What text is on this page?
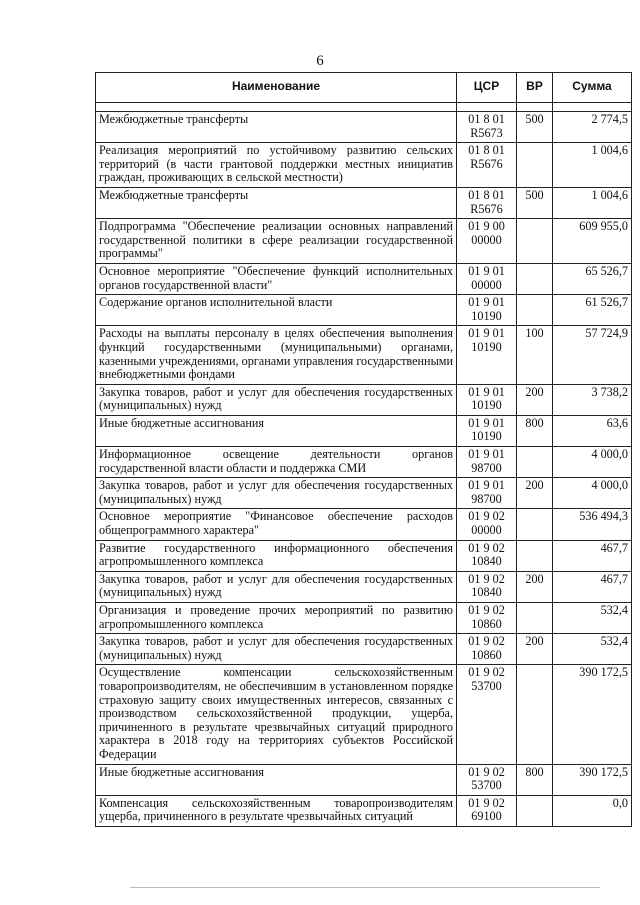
6
Наименование	ЦСР	ВР	Сумма

Межбюджетные трансферты	01 8 01 R5673	500	2 774,5
Реализация мероприятий по устойчивому развитию сельских территорий (в части грантовой поддержки местных инициатив граждан, проживающих в сельской местности)	01 8 01 R5676		1 004,6
Межбюджетные трансферты	01 8 01 R5676	500	1 004,6
Подпрограмма "Обеспечение реализации основных направлений государственной политики в сфере реализации государственной программы"	01 9 00 00000		609 955,0
Основное мероприятие "Обеспечение функций исполнительных органов государственной власти"	01 9 01 00000		65 526,7
Содержание органов исполнительной власти	01 9 01 10190		61 526,7
Расходы на выплаты персоналу в целях обеспечения выполнения функций государственными (муниципальными) органами, казенными учреждениями, органами управления государственными внебюджетными фондами	01 9 01 10190	100	57 724,9
Закупка товаров, работ и услуг для обеспечения государственных (муниципальных) нужд	01 9 01 10190	200	3 738,2
Иные бюджетные ассигнования	01 9 01 10190	800	63,6
Информационное освещение деятельности органов государственной власти области и поддержка СМИ	01 9 01 98700		4 000,0
Закупка товаров, работ и услуг для обеспечения государственных (муниципальных) нужд	01 9 01 98700	200	4 000,0
Основное мероприятие "Финансовое обеспечение расходов общепрограммного характера"	01 9 02 00000		536 494,3
Развитие государственного информационного обеспечения агропромышленного комплекса	01 9 02 10840		467,7
Закупка товаров, работ и услуг для обеспечения государственных (муниципальных) нужд	01 9 02 10840	200	467,7
Организация и проведение прочих мероприятий по развитию агропромышленного комплекса	01 9 02 10860		532,4
Закупка товаров, работ и услуг для обеспечения государственных (муниципальных) нужд	01 9 02 10860	200	532,4
Осуществление компенсации сельскохозяйственным товаропроизводителям, не обеспечившим в установленном порядке страховую защиту своих имущественных интересов, связанных с производством сельскохозяйственной продукции, ущерба, причиненного в результате чрезвычайных ситуаций природного характера в 2018 году на территориях субъектов Российской Федерации	01 9 02 53700		390 172,5
Иные бюджетные ассигнования	01 9 02 53700	800	390 172,5
Компенсация сельскохозяйственным товаропроизводителям ущерба, причиненного в результате чрезвычайных ситуаций	01 9 02 69100		0,0
